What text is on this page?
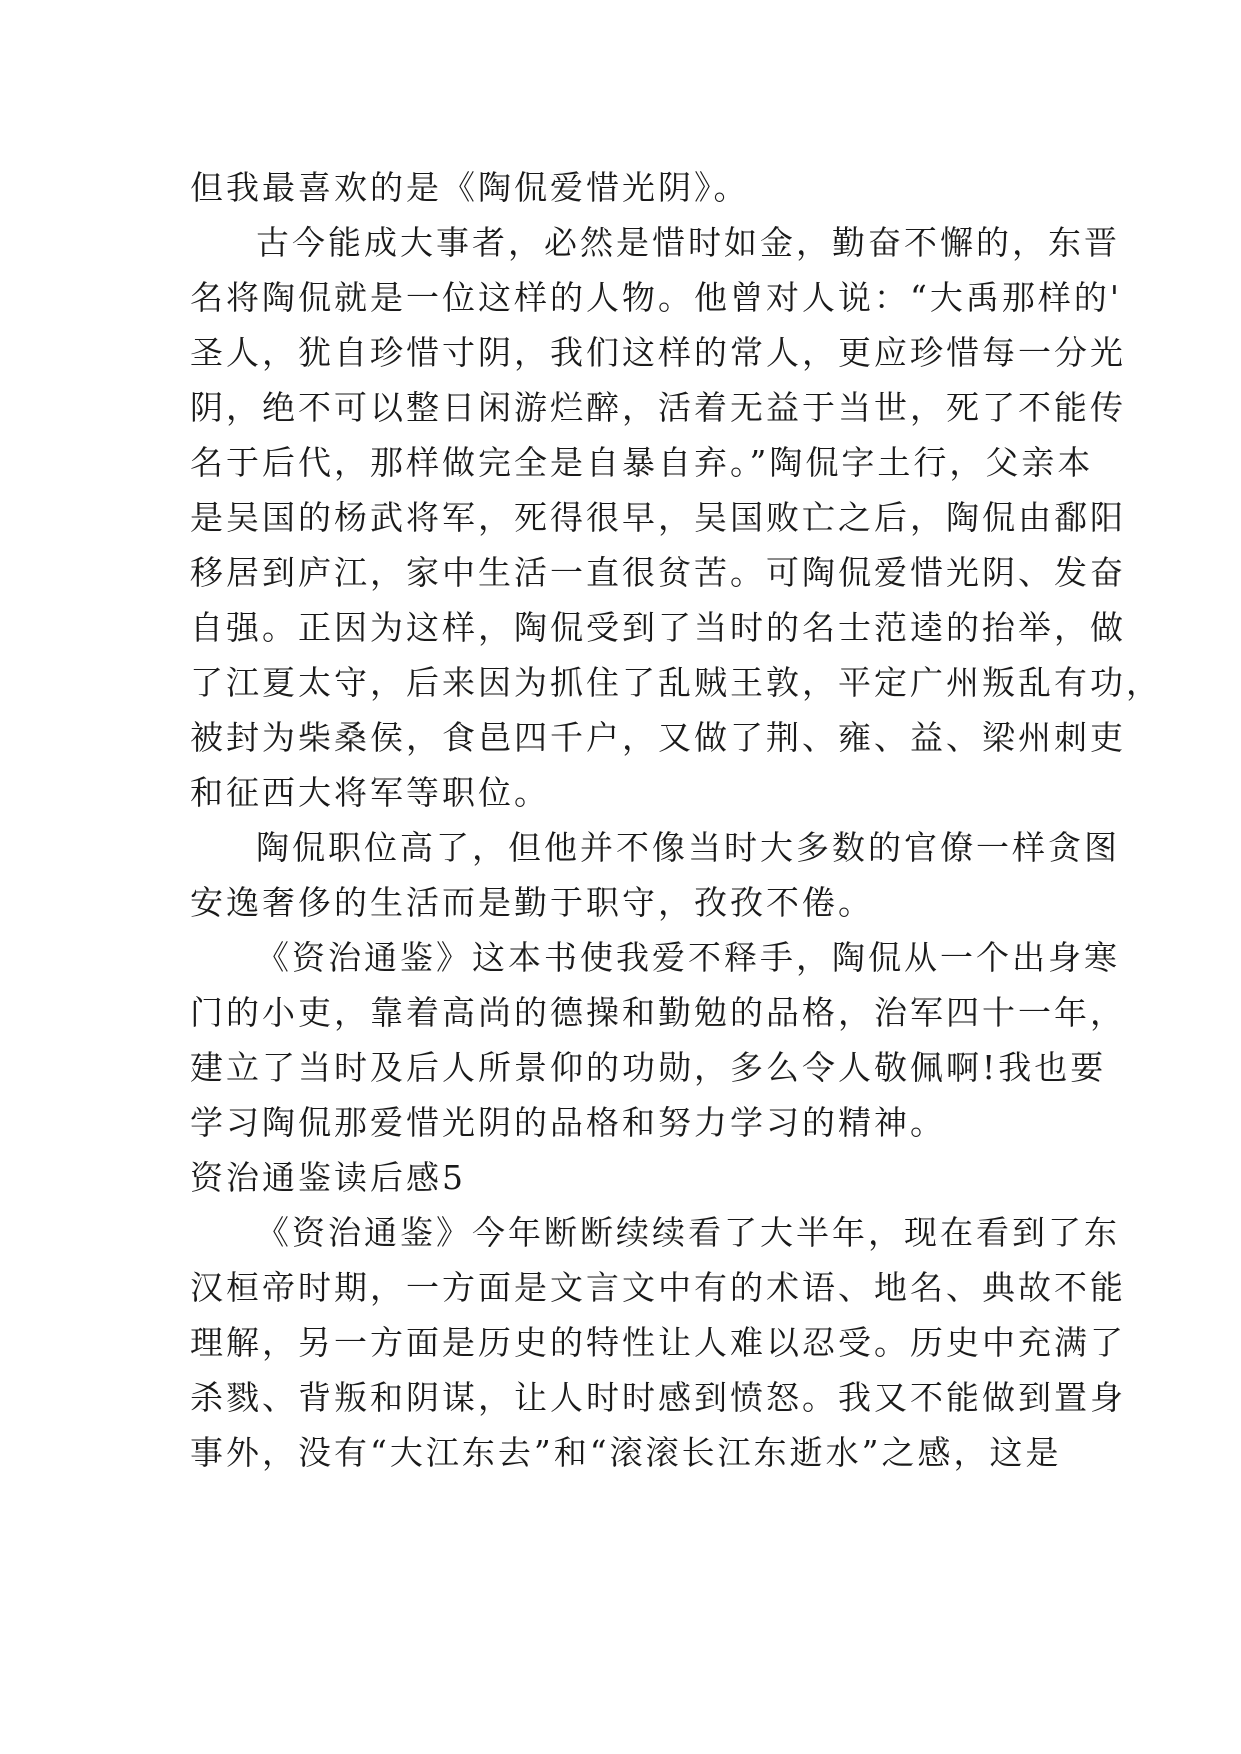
但我最喜欢的是《陶侃爱惜光阴》。
古今能成大事者，必然是惜时如金，勤奋不懈的，东晋
名将陶侃就是一位这样的人物。他曾对人说：“大禹那样的'
圣人，犹自珍惜寸阴，我们这样的常人，更应珍惜每一分光
阴，绝不可以整日闲游烂醉，活着无益于当世，死了不能传
名于后代，那样做完全是自暴自弃。”陶侃字土行，父亲本
是吴国的杨武将军，死得很早，吴国败亡之后，陶侃由鄱阳
移居到庐江，家中生活一直很贫苦。可陶侃爱惜光阴、发奋
自强。正因为这样，陶侃受到了当时的名士范逵的抬举，做
了江夏太守，后来因为抓住了乱贼王敦，平定广州叛乱有功，
被封为柴桑侯，食邑四千户，又做了荆、雍、益、梁州刺吏
和征西大将军等职位。
陶侃职位高了，但他并不像当时大多数的官僚一样贪图
安逸奢侈的生活而是勤于职守，孜孜不倦。
《资治通鉴》这本书使我爱不释手，陶侃从一个出身寒
门的小吏，靠着高尚的德操和勤勉的品格，治军四十一年，
建立了当时及后人所景仰的功勋，多么令人敬佩啊!我也要
学习陶侃那爱惜光阴的品格和努力学习的精神。
资治通鉴读后感5
《资治通鉴》今年断断续续看了大半年，现在看到了东
汉桓帝时期，一方面是文言文中有的术语、地名、典故不能
理解，另一方面是历史的特性让人难以忍受。历史中充满了
杀戮、背叛和阴谋，让人时时感到愤怒。我又不能做到置身
事外，没有“大江东去”和“滚滚长江东逝水”之感，这是
